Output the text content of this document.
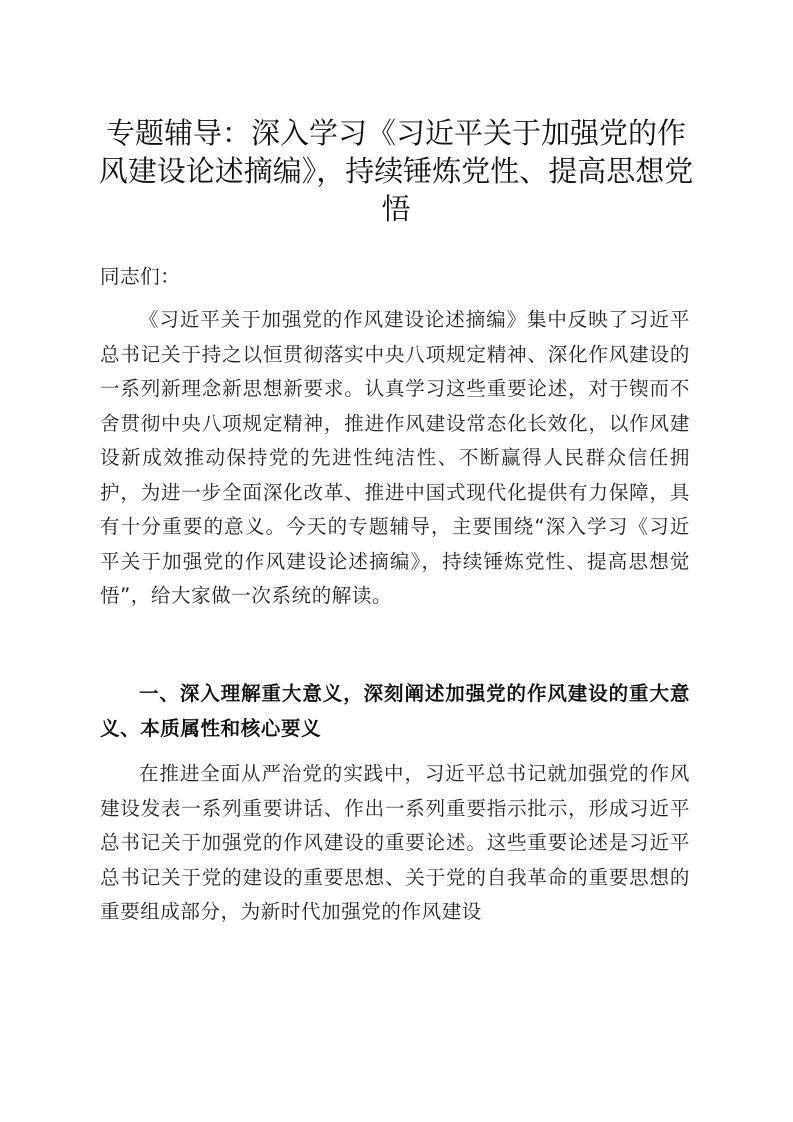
专题辅导：深入学习《习近平关于加强党的作风建设论述摘编》，持续锤炼党性、提高思想党悟

同志们：

《习近平关于加强党的作风建设论述摘编》集中反映了习近平总书记关于持之以恒贯彻落实中央八项规定精神、深化作风建设的一系列新理念新思想新要求。认真学习这些重要论述，对于锲而不舍贯彻中央八项规定精神，推进作风建设常态化长效化，以作风建设新成效推动保持党的先进性纯洁性、不断赢得人民群众信任拥护，为进一步全面深化改革、推进中国式现代化提供有力保障，具有十分重要的意义。今天的专题辅导，主要围绕“深入学习《习近平关于加强党的作风建设论述摘编》，持续锤炼党性、提高思想觉悟”，给大家做一次系统的解读。

一、深入理解重大意义，深刻阐述加强党的作风建设的重大意义、本质属性和核心要义

在推进全面从严治党的实践中，习近平总书记就加强党的作风建设发表一系列重要讲话、作出一系列重要指示批示，形成习近平总书记关于加强党的作风建设的重要论述。这些重要论述是习近平总书记关于党的建设的重要思想、关于党的自我革命的重要思想的重要组成部分，为新时代加强党的作风建设
